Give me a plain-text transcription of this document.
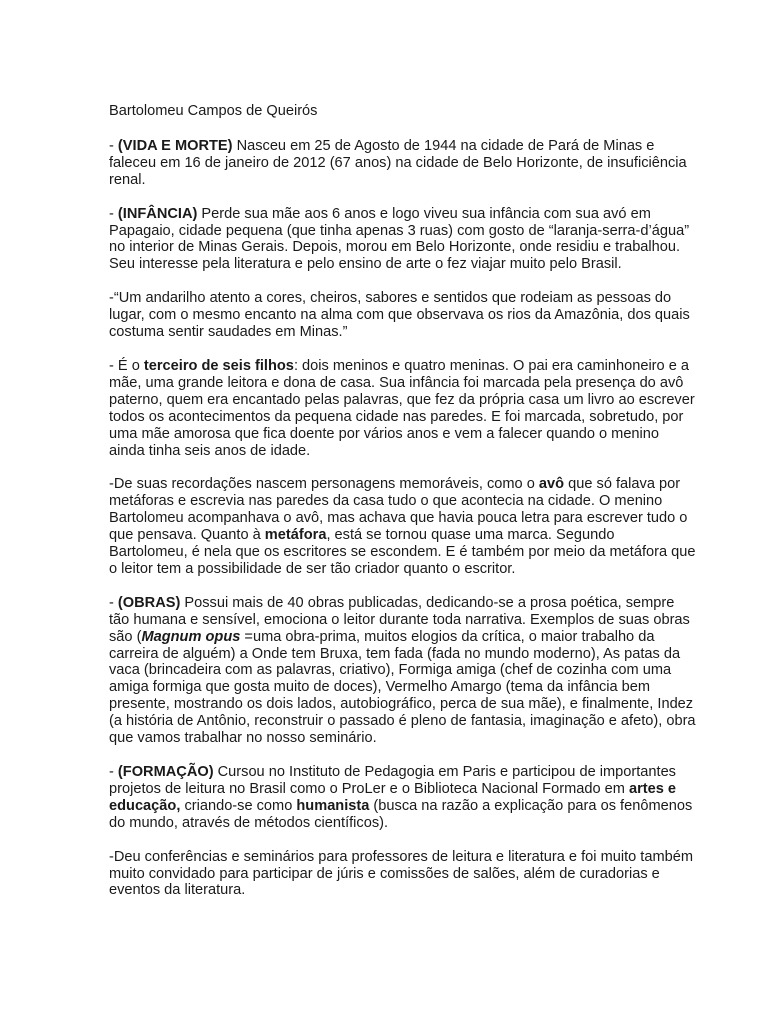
Bartolomeu Campos de Queirós

- (VIDA E MORTE) Nasceu em 25 de Agosto de 1944 na cidade de Pará de Minas e faleceu em 16 de janeiro de 2012 (67 anos) na cidade de Belo Horizonte, de insuficiência renal.

- (INFÂNCIA) Perde sua mãe aos 6 anos e logo viveu sua infância com sua avó em Papagaio, cidade pequena (que tinha apenas 3 ruas) com gosto de “laranja-serra-d’água” no interior de Minas Gerais. Depois, morou em Belo Horizonte, onde residiu e trabalhou. Seu interesse pela literatura e pelo ensino de arte o fez viajar muito pelo Brasil.

-“Um andarilho atento a cores, cheiros, sabores e sentidos que rodeiam as pessoas do lugar, com o mesmo encanto na alma com que observava os rios da Amazônia, dos quais costuma sentir saudades em Minas.”

- É o terceiro de seis filhos: dois meninos e quatro meninas. O pai era caminhoneiro e a mãe, uma grande leitora e dona de casa. Sua infância foi marcada pela presença do avô paterno, quem era encantado pelas palavras, que fez da própria casa um livro ao escrever todos os acontecimentos da pequena cidade nas paredes. E foi marcada, sobretudo, por uma mãe amorosa que fica doente por vários anos e vem a falecer quando o menino ainda tinha seis anos de idade.

-De suas recordações nascem personagens memoráveis, como o avô que só falava por metáforas e escrevia nas paredes da casa tudo o que acontecia na cidade. O menino Bartolomeu acompanhava o avô, mas achava que havia pouca letra para escrever tudo o que pensava. Quanto à metáfora, está se tornou quase uma marca. Segundo Bartolomeu, é nela que os escritores se escondem. E é também por meio da metáfora que o leitor tem a possibilidade de ser tão criador quanto o escritor.

- (OBRAS) Possui mais de 40 obras publicadas, dedicando-se a prosa poética, sempre tão humana e sensível, emociona o leitor durante toda narrativa. Exemplos de suas obras são (Magnum opus =uma obra-prima, muitos elogios da crítica, o maior trabalho da carreira de alguém) a Onde tem Bruxa, tem fada (fada no mundo moderno), As patas da vaca (brincadeira com as palavras, criativo), Formiga amiga (chef de cozinha com uma amiga formiga que gosta muito de doces), Vermelho Amargo (tema da infância bem presente, mostrando os dois lados, autobiográfico, perca de sua mãe), e finalmente, Indez (a história de Antônio, reconstruir o passado é pleno de fantasia, imaginação e afeto), obra que vamos trabalhar no nosso seminário.

- (FORMAÇÃO) Cursou no Instituto de Pedagogia em Paris e participou de importantes projetos de leitura no Brasil como o ProLer e o Biblioteca Nacional Formado em artes e educação, criando-se como humanista (busca na razão a explicação para os fenômenos do mundo, através de métodos científicos).

-Deu conferências e seminários para professores de leitura e literatura e foi muito também muito convidado para participar de júris e comissões de salões, além de curadorias e eventos da literatura.
